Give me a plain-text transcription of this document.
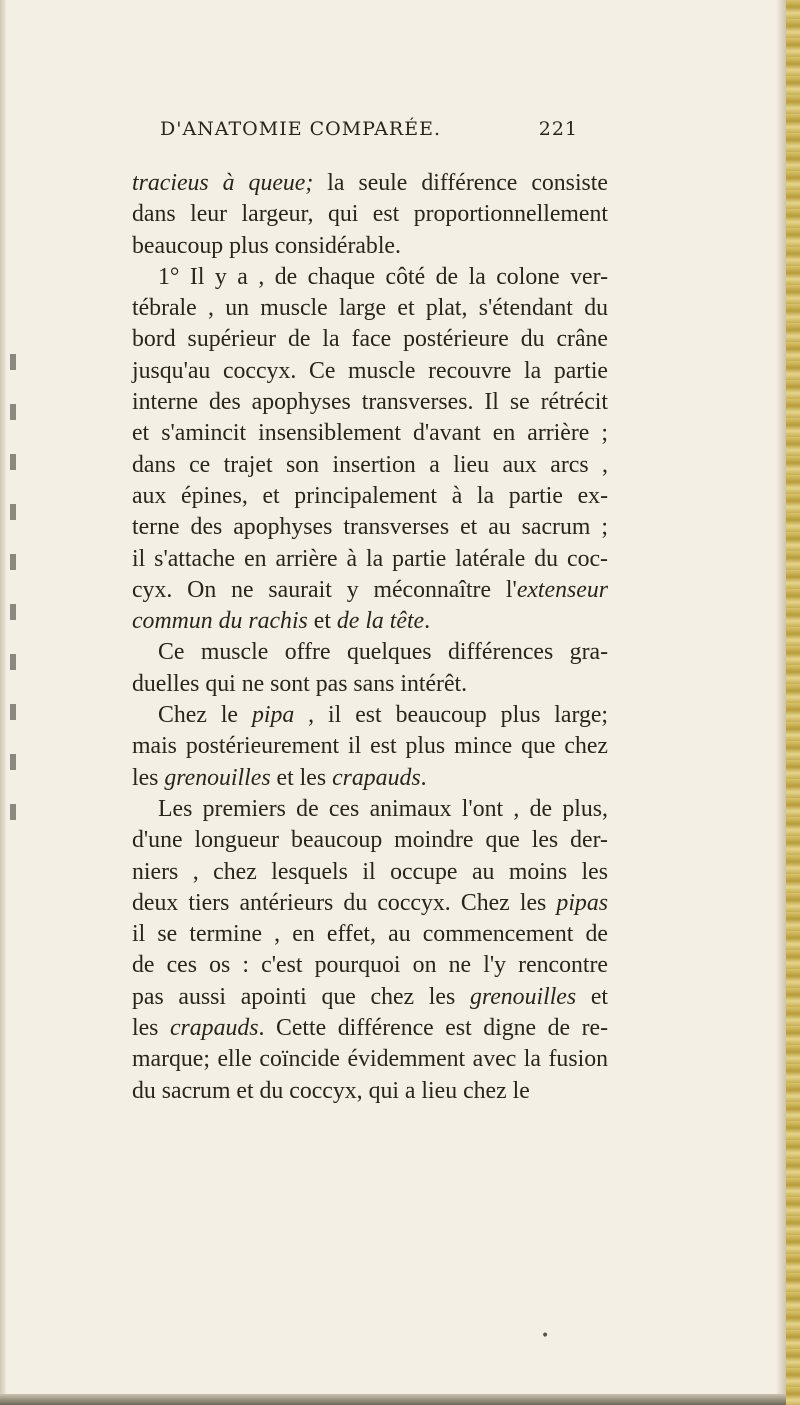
D'ANATOMIE COMPARÉE.	221
tracieus à queue; la seule différence consiste
dans leur largeur, qui est proportionnellement
beaucoup plus considérable.
1° Il y a , de chaque côté de la colone ver-
tébrale , un muscle large et plat, s'étendant du
bord supérieur de la face postérieure du crâne
jusqu'au coccyx. Ce muscle recouvre la partie
interne des apophyses transverses. Il se rétrécit
et s'amincit insensiblement d'avant en arrière ;
dans ce trajet son insertion a lieu aux arcs ,
aux épines, et principalement à la partie ex-
terne des apophyses transverses et au sacrum ;
il s'attache en arrière à la partie latérale du coc-
cyx. On ne saurait y méconnaître l'extenseur
commun du rachis et de la tête.
Ce muscle offre quelques différences gra-
duelles qui ne sont pas sans intérêt.
Chez le pipa , il est beaucoup plus large;
mais postérieurement il est plus mince que chez
les grenouilles et les crapauds.
Les premiers de ces animaux l'ont , de plus,
d'une longueur beaucoup moindre que les der-
niers , chez lesquels il occupe au moins les
deux tiers antérieurs du coccyx. Chez les pipas
il se termine , en effet, au commencement de
de ces os : c'est pourquoi on ne l'y rencontre
pas aussi apointi que chez les grenouilles et
les crapauds. Cette différence est digne de re-
marque; elle coïncide évidemment avec la fusion
du sacrum et du coccyx, qui a lieu chez le
•
